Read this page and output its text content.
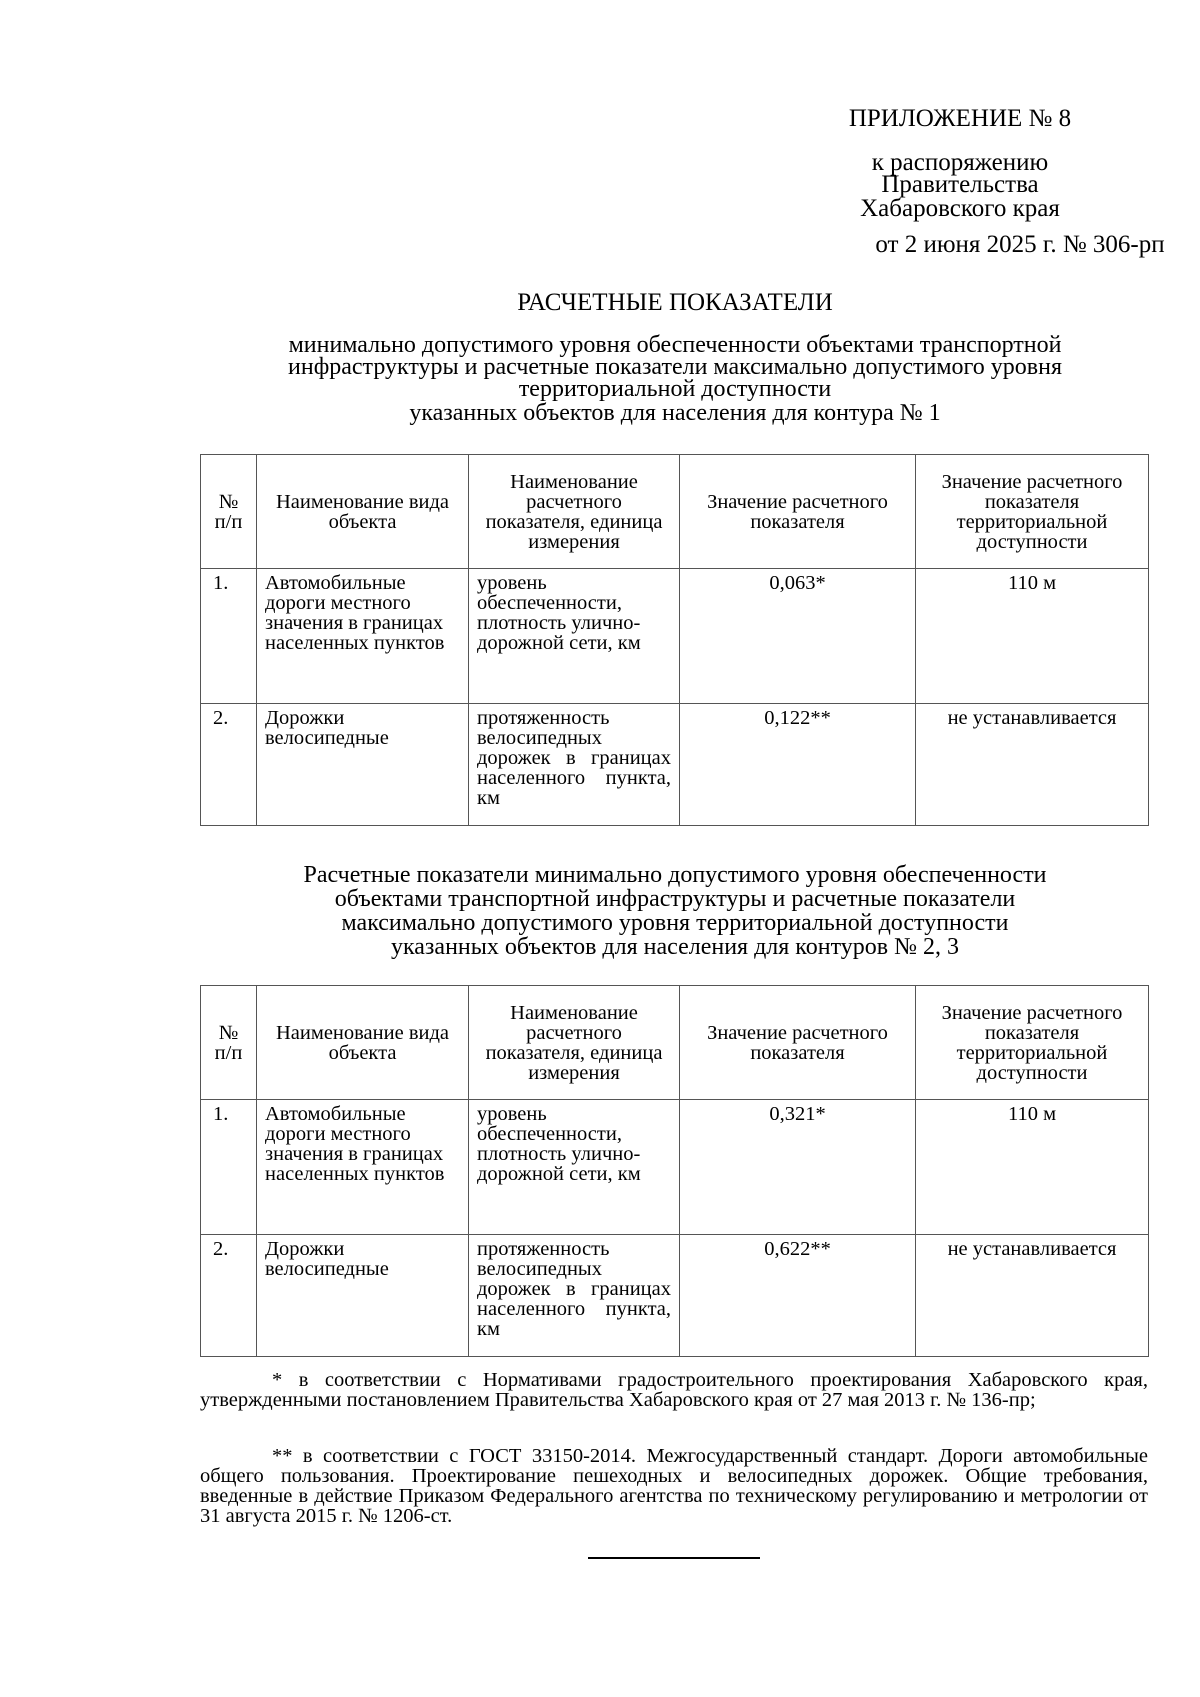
ПРИЛОЖЕНИЕ № 8
к распоряжению
Правительства
Хабаровского края
от 2 июня 2025 г. № 306-рп
РАСЧЕТНЫЕ ПОКАЗАТЕЛИ
минимально допустимого уровня обеспеченности объектами транспортной
инфраструктуры и расчетные показатели максимально допустимого уровня
территориальной доступности
указанных объектов для населения для контура № 1
№ п/п	Наименование вида объекта	Наименование расчетного показателя, единица измерения	Значение расчетного показателя	Значение расчетного показателя территориальной доступности
1.	Автомобильные дороги местного значения в границах населенных пунктов	уровень обеспеченности, плотность улично-дорожной сети, км	0,063*	110 м
2.	Дорожки велосипедные	протяженность велосипедных дорожек в границах населенного пункта, км	0,122**	не устанавливается
Расчетные показатели минимально допустимого уровня обеспеченности
объектами транспортной инфраструктуры и расчетные показатели
максимально допустимого уровня территориальной доступности
указанных объектов для населения для контуров № 2, 3
№ п/п	Наименование вида объекта	Наименование расчетного показателя, единица измерения	Значение расчетного показателя	Значение расчетного показателя территориальной доступности
1.	Автомобильные дороги местного значения в границах населенных пунктов	уровень обеспеченности, плотность улично-дорожной сети, км	0,321*	110 м
2.	Дорожки велосипедные	протяженность велосипедных дорожек в границах населенного пункта, км	0,622**	не устанавливается
* в соответствии с Нормативами градостроительного проектирования Хабаровского края, утвержденными постановлением Правительства Хабаровского края от 27 мая 2013 г. № 136-пр;
** в соответствии с ГОСТ 33150-2014. Межгосударственный стандарт. Дороги автомобильные общего пользования. Проектирование пешеходных и велосипедных дорожек. Общие требования, введенные в действие Приказом Федерального агентства по техническому регулированию и метрологии от 31 августа 2015 г. № 1206-ст.
